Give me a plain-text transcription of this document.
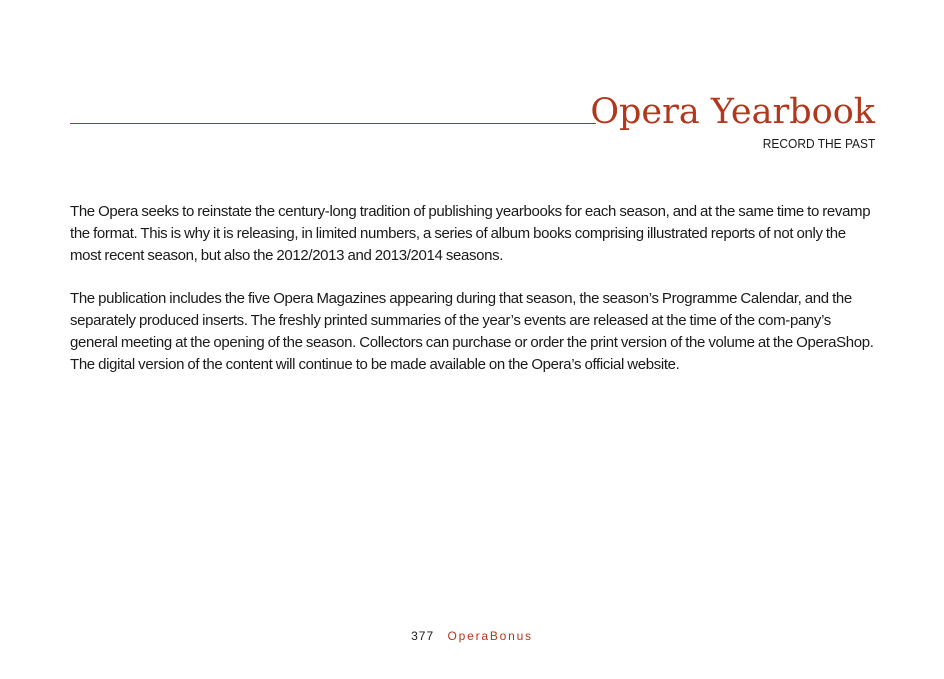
Opera Yearbook
RECORD THE PAST

The Opera seeks to reinstate the century-long tradition of publishing yearbooks for each season, and at the same time to revamp the format. This is why it is releasing, in limited numbers, a series of album books comprising illustrated reports of not only the most recent season, but also the 2012/2013 and 2013/2014 seasons.

The publication includes the five Opera Magazines appearing during that season, the season’s Programme Calendar, and the separately produced inserts. The freshly printed summaries of the year’s events are released at the time of the com-pany’s general meeting at the opening of the season. Collectors can purchase or order the print version of the volume at the OperaShop. The digital version of the content will continue to be made available on the Opera’s official website.

377 OperaBonus
